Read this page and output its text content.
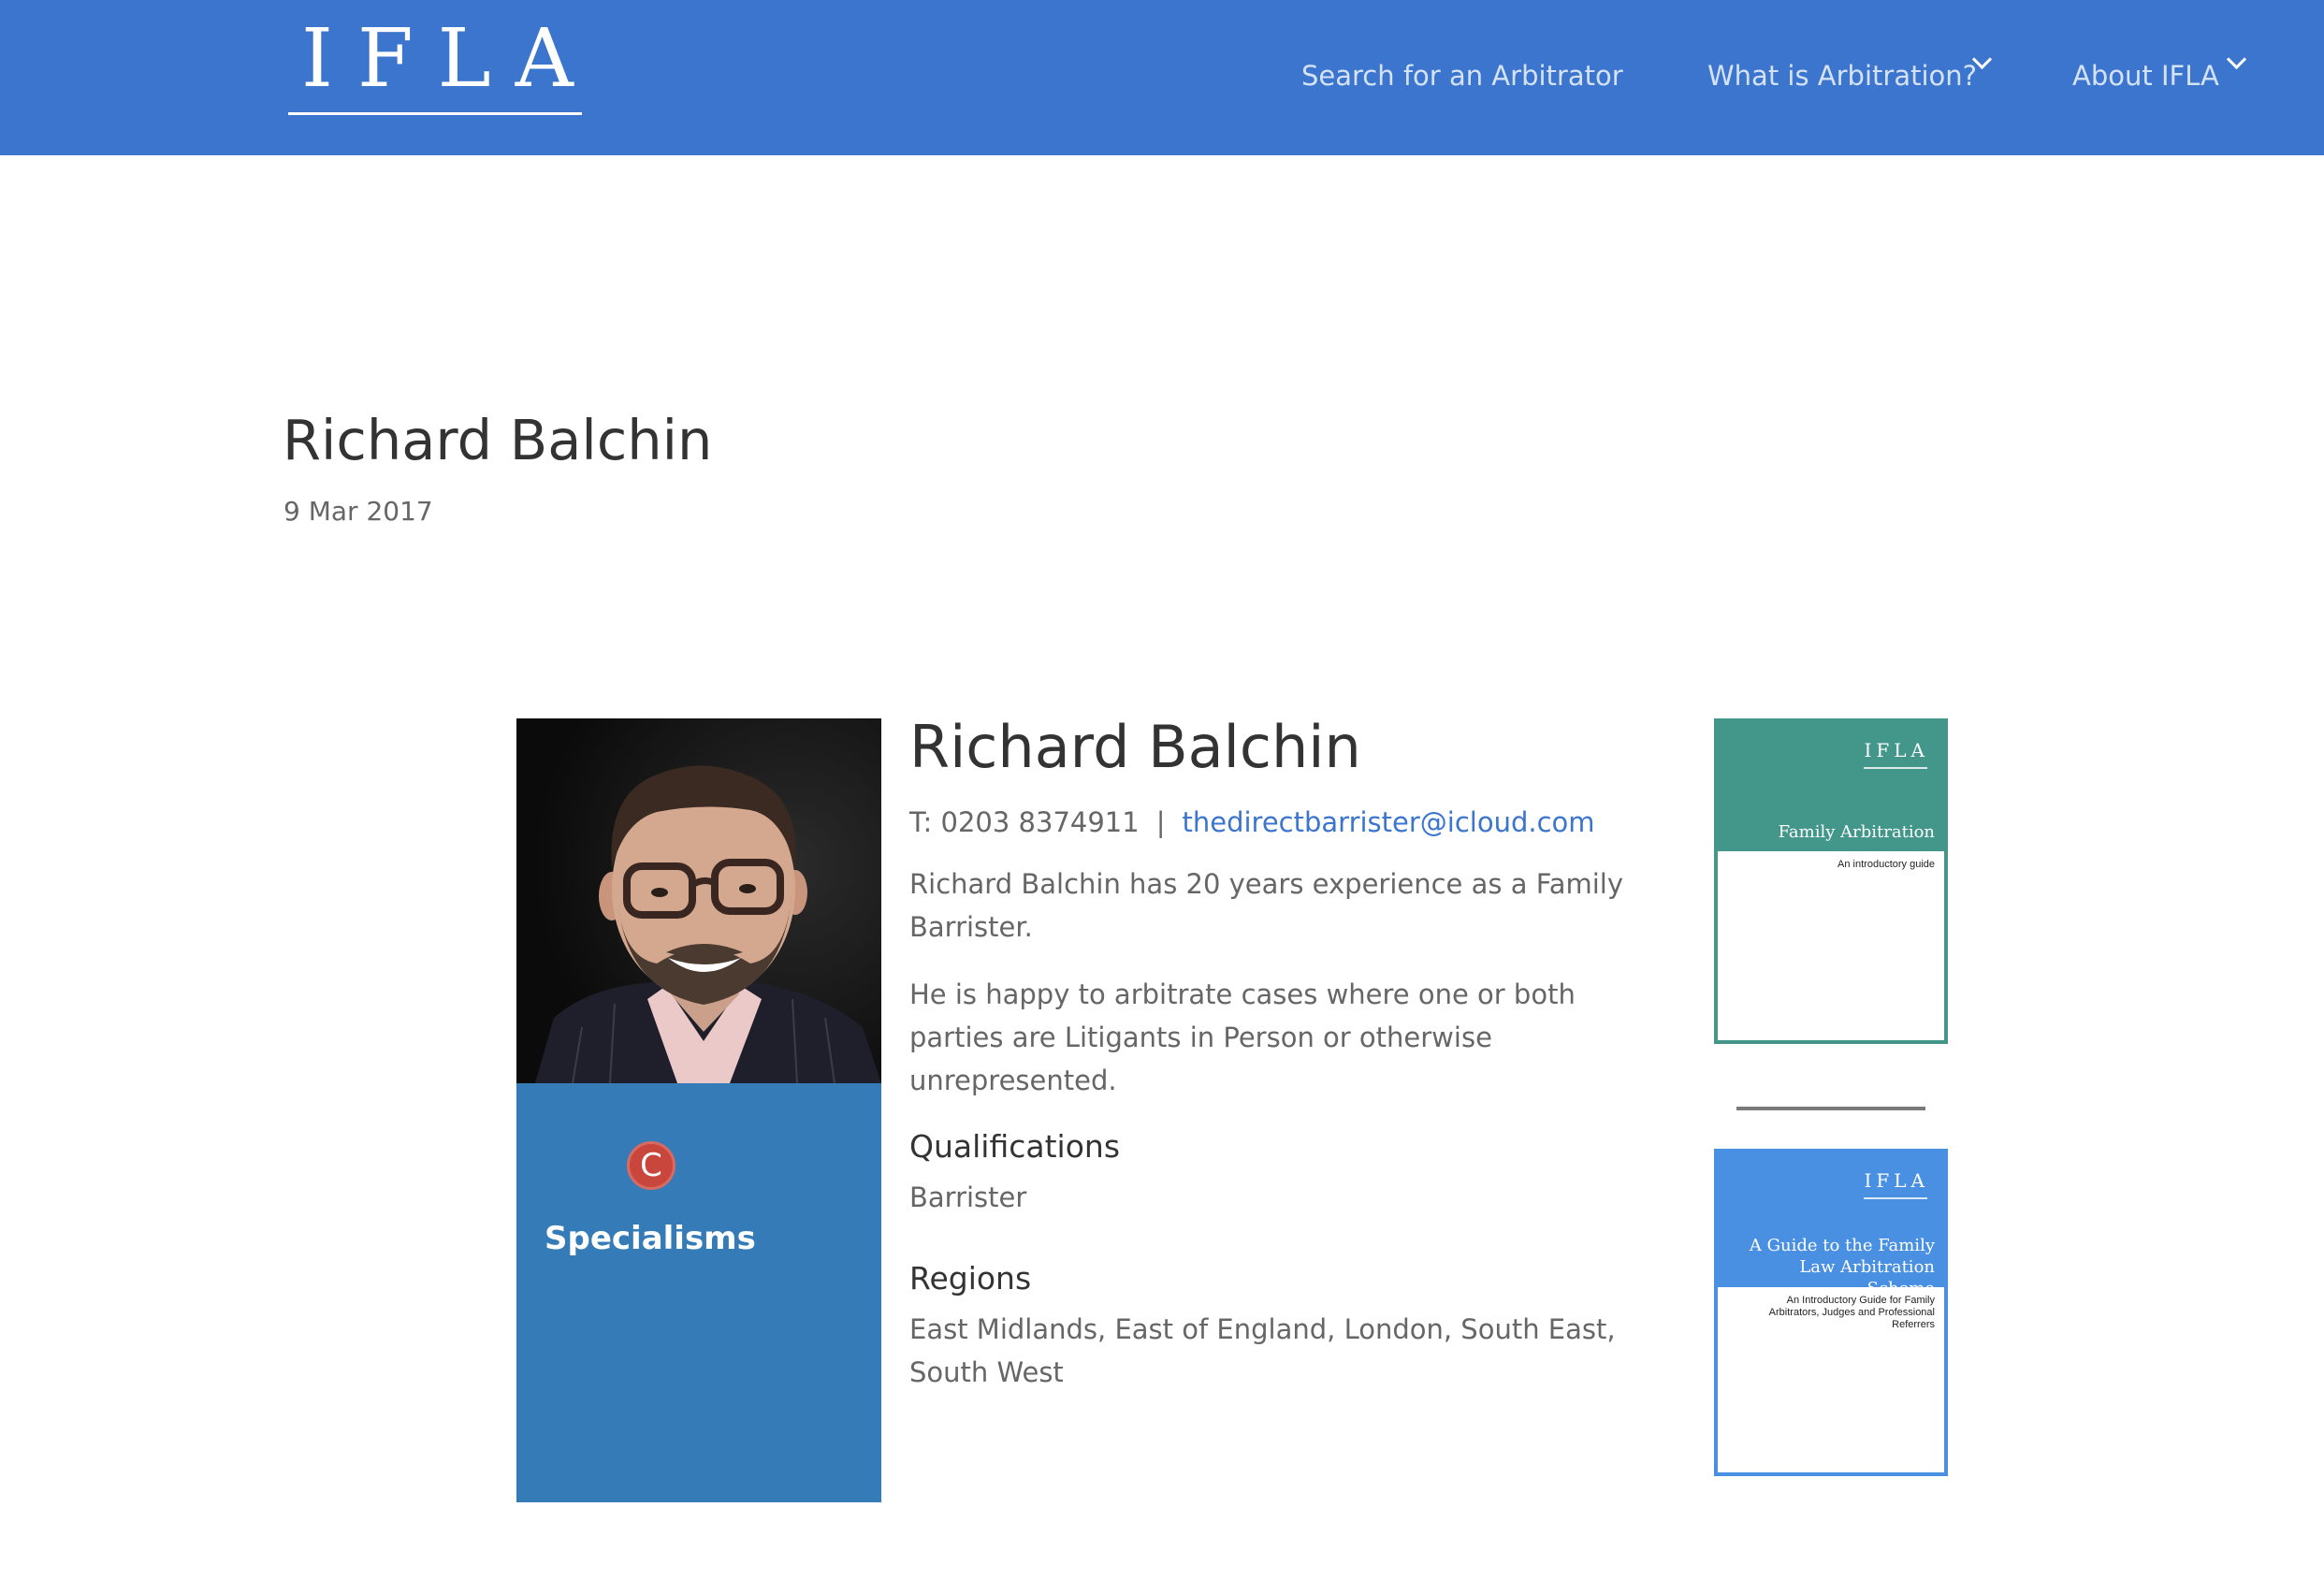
IFLA	Search for an Arbitrator	What is Arbitration?	About IFLA
Richard Balchin
9 Mar 2017
C
Specialisms
Richard Balchin
T: 0203 8374911 | thedirectbarrister@icloud.com

Richard Balchin has 20 years experience as a Family Barrister.

He is happy to arbitrate cases where one or both parties are Litigants in Person or otherwise unrepresented.

Qualifications

Barrister

Regions

East Midlands, East of England, London, South East, South West

IFLA
Family Arbitration
An introductory guide
IFLA
A Guide to the Family Law Arbitration Scheme
An Introductory Guide for Family Arbitrators, Judges and Professional Referrers
